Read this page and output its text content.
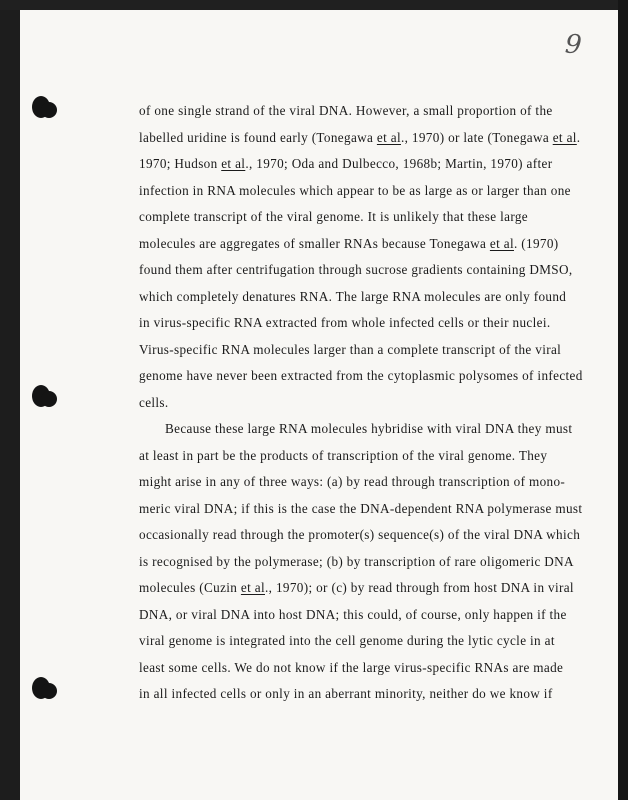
9
of one single strand of the viral DNA. However, a small proportion of the
labelled uridine is found early (Tonegawa et al., 1970) or late (Tonegawa et al.
1970; Hudson et al., 1970; Oda and Dulbecco, 1968b; Martin, 1970) after
infection in RNA molecules which appear to be as large as or larger than one
complete transcript of the viral genome. It is unlikely that these large
molecules are aggregates of smaller RNAs because Tonegawa et al. (1970)
found them after centrifugation through sucrose gradients containing DMSO,
which completely denatures RNA. The large RNA molecules are only found
in virus-specific RNA extracted from whole infected cells or their nuclei.
Virus-specific RNA molecules larger than a complete transcript of the viral
genome have never been extracted from the cytoplasmic polysomes of infected
cells.
Because these large RNA molecules hybridise with viral DNA they must
at least in part be the products of transcription of the viral genome. They
might arise in any of three ways: (a) by read through transcription of mono-
meric viral DNA; if this is the case the DNA-dependent RNA polymerase must
occasionally read through the promoter(s) sequence(s) of the viral DNA which
is recognised by the polymerase; (b) by transcription of rare oligomeric DNA
molecules (Cuzin et al., 1970); or (c) by read through from host DNA in viral
DNA, or viral DNA into host DNA; this could, of course, only happen if the
viral genome is integrated into the cell genome during the lytic cycle in at
least some cells. We do not know if the large virus-specific RNAs are made
in all infected cells or only in an aberrant minority, neither do we know if
